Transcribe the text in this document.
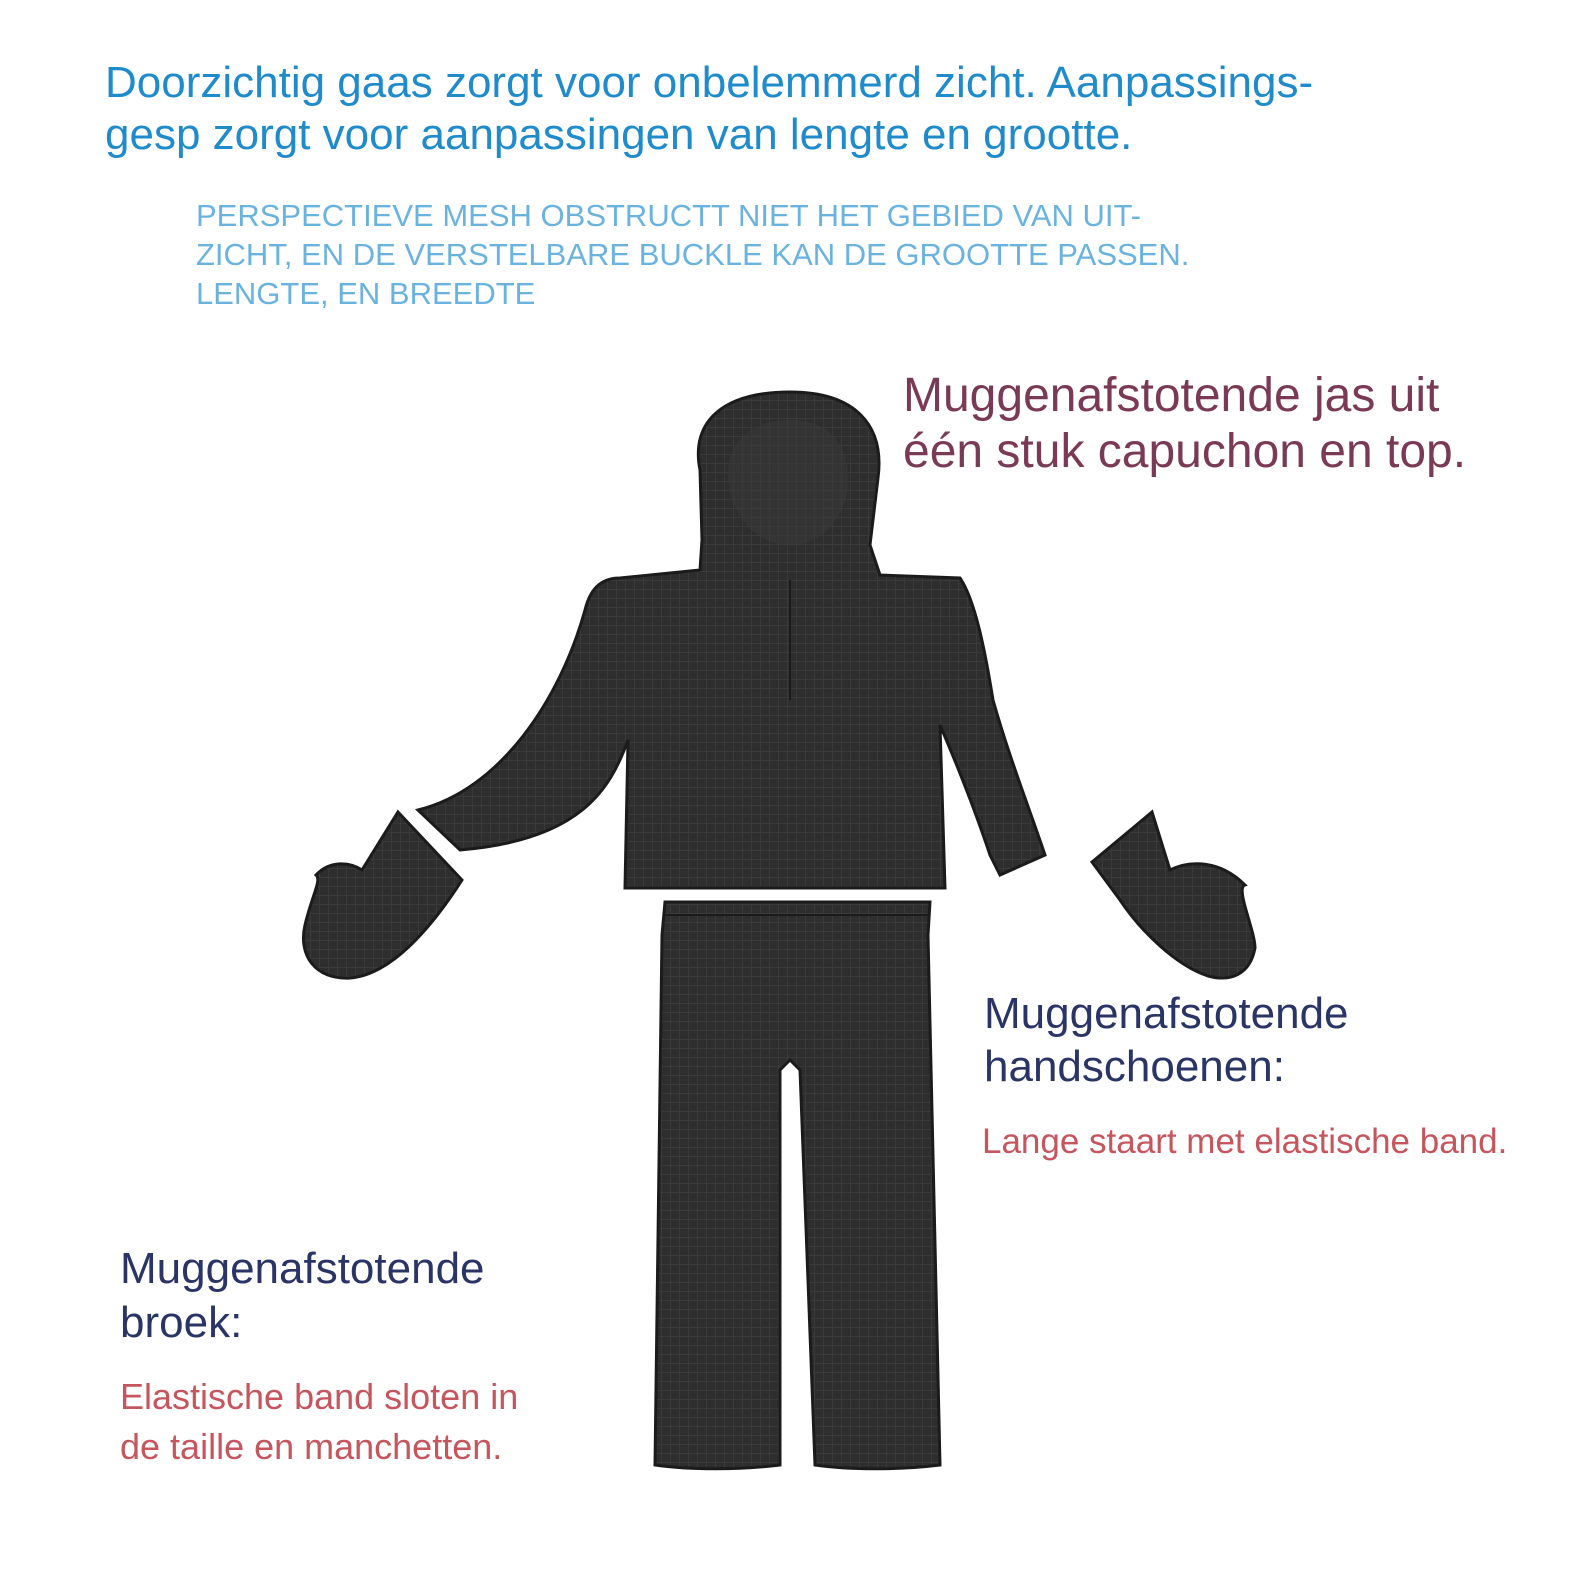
Doorzichtig gaas zorgt voor onbelemmerd zicht. Aanpassings-
gesp zorgt voor aanpassingen van lengte en grootte.
PERSPECTIEVE MESH OBSTRUCTT NIET HET GEBIED VAN UIT-
ZICHT, EN DE VERSTELBARE BUCKLE KAN DE GROOTTE PASSEN.
LENGTE, EN BREEDTE
Muggenafstotende jas uit
één stuk capuchon en top.
Muggenafstotende
handschoenen:
Lange staart met elastische band.
Muggenafstotende
broek:
Elastische band sloten in
de taille en manchetten.
